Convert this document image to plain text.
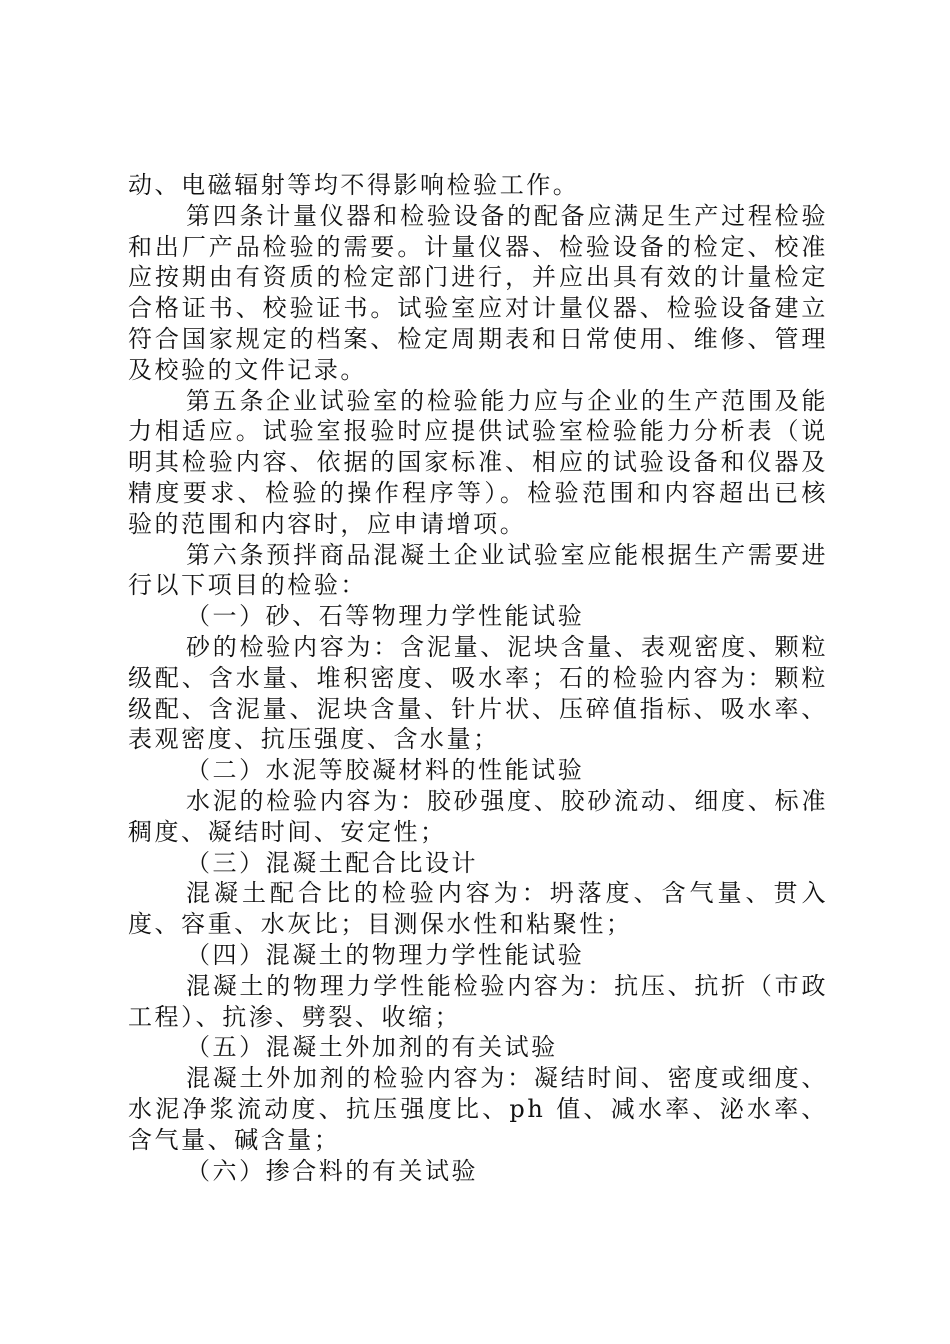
动、电磁辐射等均不得影响检验工作。

第四条计量仪器和检验设备的配备应满足生产过程检验和出厂产品检验的需要。计量仪器、检验设备的检定、校准应按期由有资质的检定部门进行，并应出具有效的计量检定合格证书、校验证书。试验室应对计量仪器、检验设备建立符合国家规定的档案、检定周期表和日常使用、维修、管理及校验的文件记录。

第五条企业试验室的检验能力应与企业的生产范围及能力相适应。试验室报验时应提供试验室检验能力分析表（说明其检验内容、依据的国家标准、相应的试验设备和仪器及精度要求、检验的操作程序等）。检验范围和内容超出已核验的范围和内容时，应申请增项。

第六条预拌商品混凝土企业试验室应能根据生产需要进行以下项目的检验：

（一）砂、石等物理力学性能试验

砂的检验内容为：含泥量、泥块含量、表观密度、颗粒级配、含水量、堆积密度、吸水率；石的检验内容为：颗粒级配、含泥量、泥块含量、针片状、压碎值指标、吸水率、表观密度、抗压强度、含水量；

（二）水泥等胶凝材料的性能试验

水泥的检验内容为：胶砂强度、胶砂流动、细度、标准稠度、凝结时间、安定性；

（三）混凝土配合比设计

混凝土配合比的检验内容为：坍落度、含气量、贯入度、容重、水灰比；目测保水性和粘聚性；

（四）混凝土的物理力学性能试验

混凝土的物理力学性能检验内容为：抗压、抗折（市政工程）、抗渗、劈裂、收缩；

（五）混凝土外加剂的有关试验

混凝土外加剂的检验内容为：凝结时间、密度或细度、水泥净浆流动度、抗压强度比、ph 值、减水率、泌水率、含气量、碱含量；

（六）掺合料的有关试验
